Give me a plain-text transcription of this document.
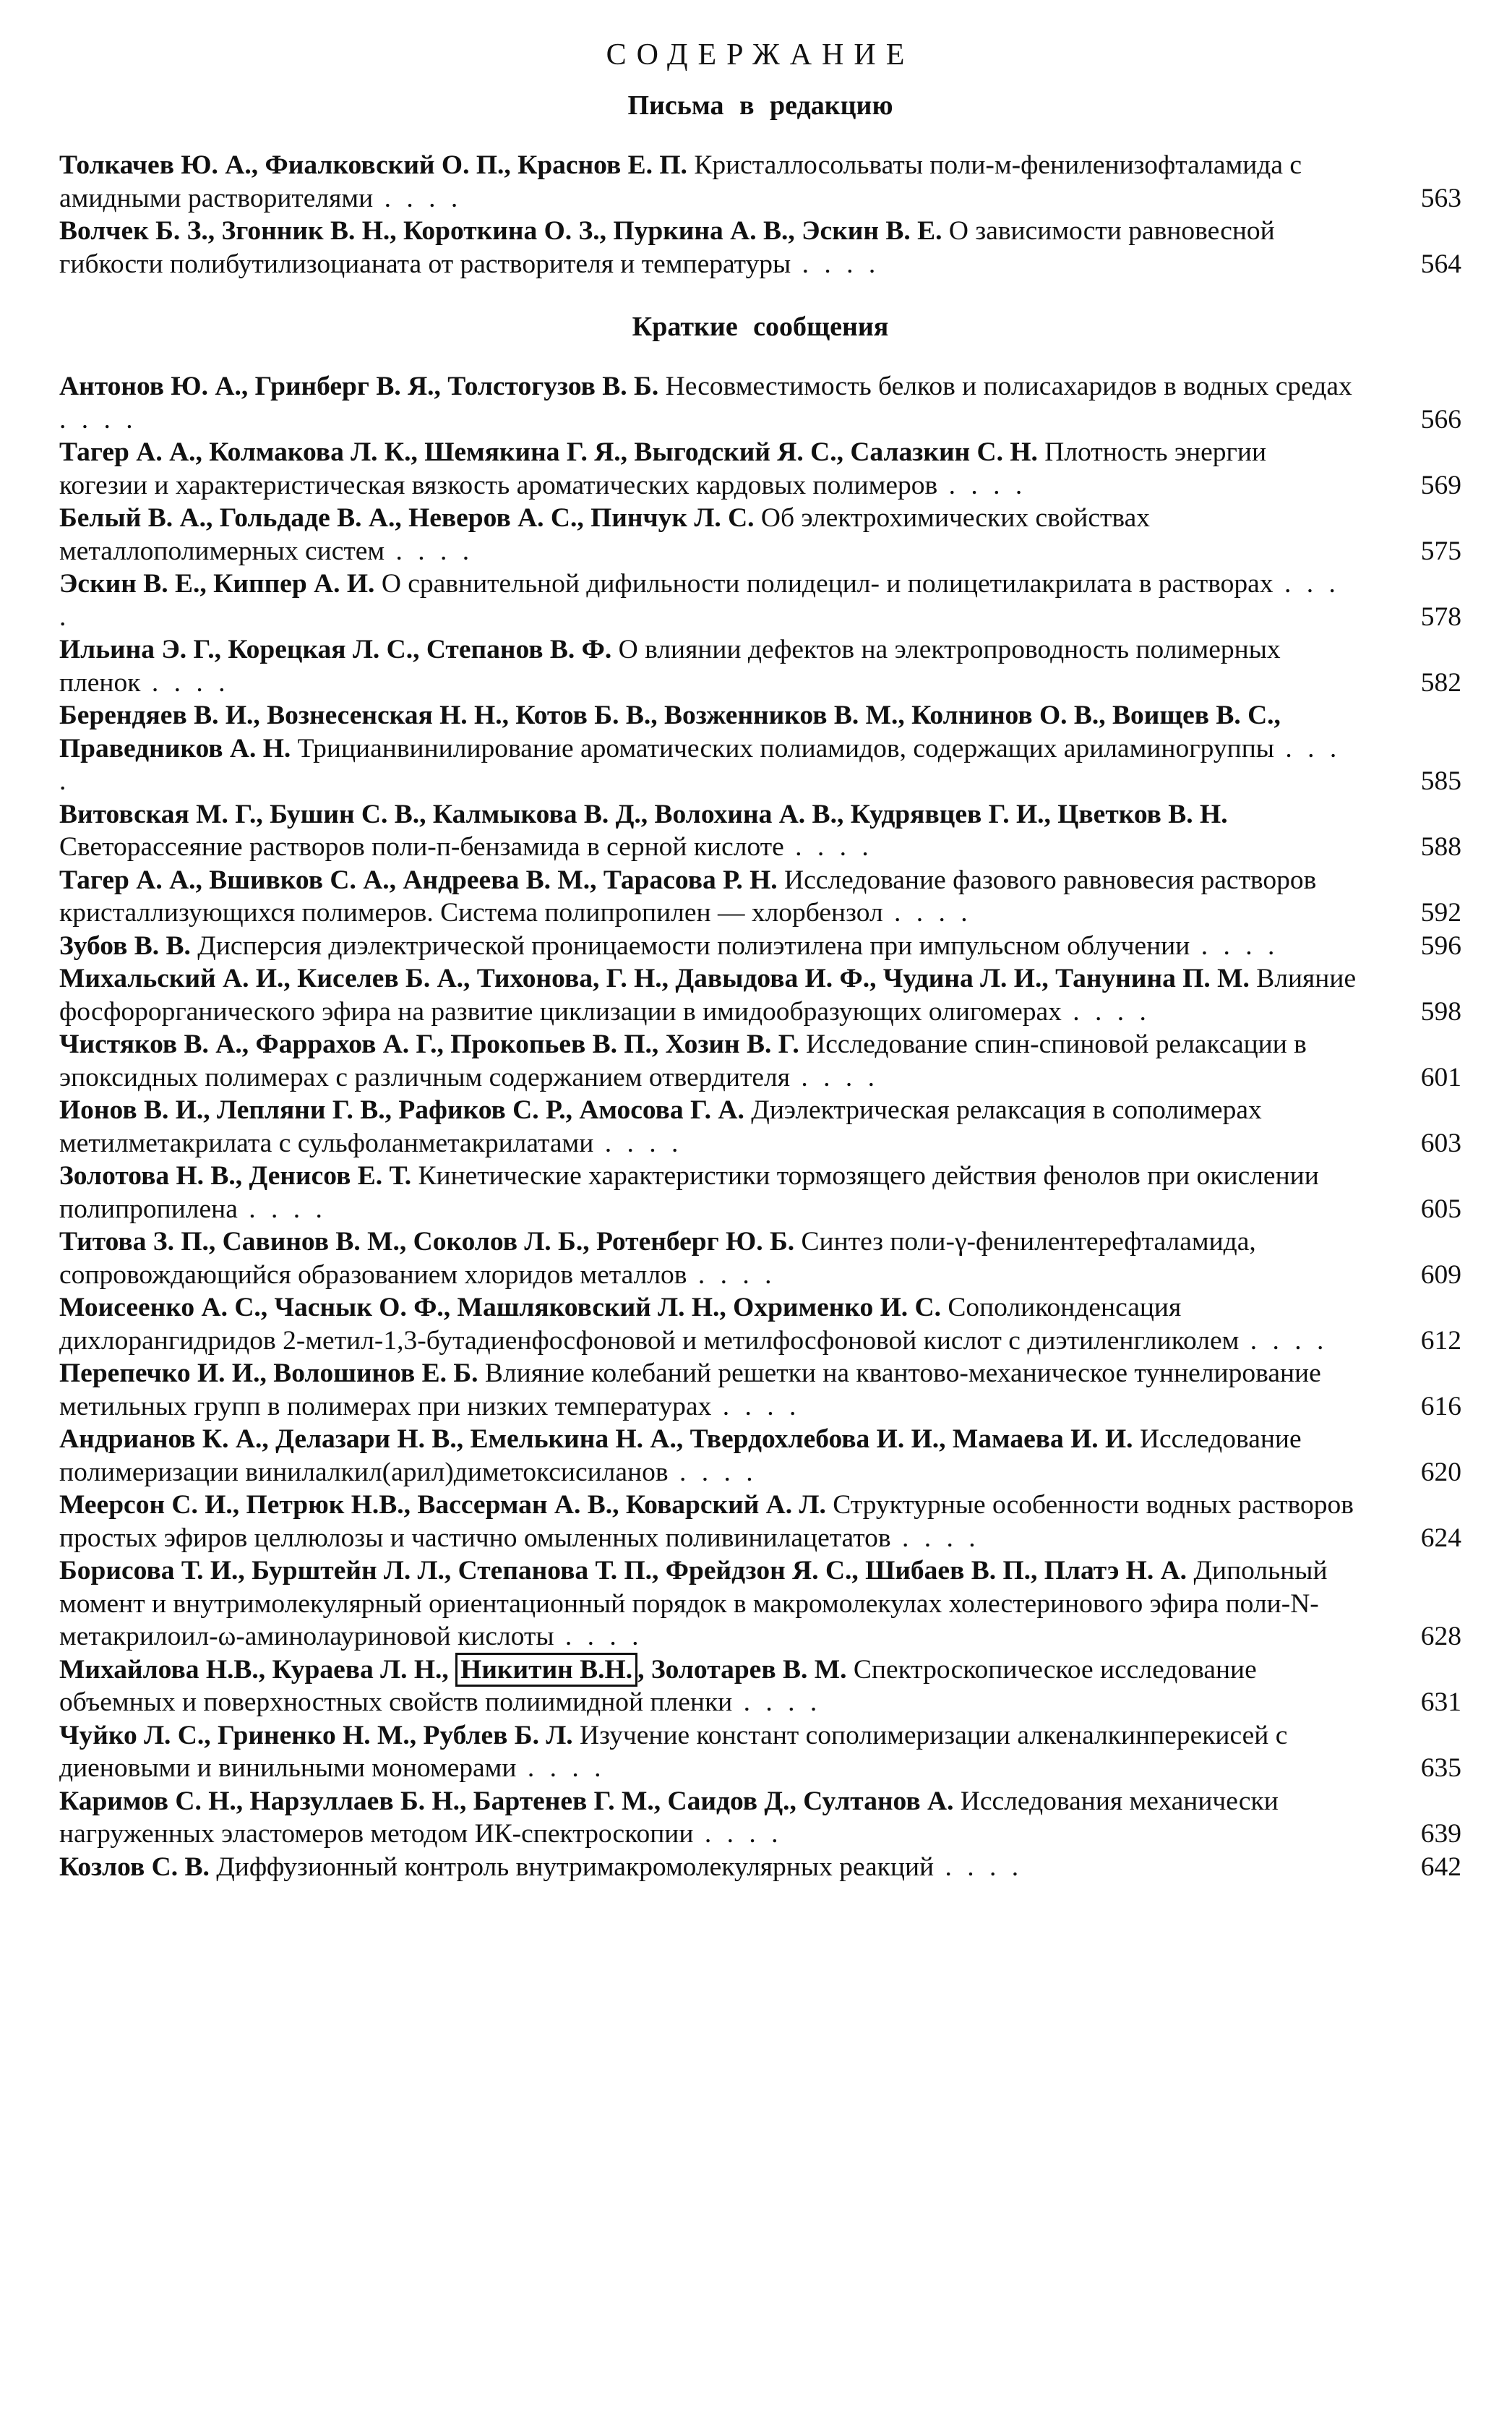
СОДЕРЖАНИЕ
Письма в редакцию
Толкачев Ю. А., Фиалковский О. П., Краснов Е. П. Кристаллосольваты поли-м-фениленизофталамида с амидными растворителями . . . .	563
Волчек Б. З., Згонник В. Н., Короткина О. З., Пуркина А. В., Эскин В. Е. О зависимости равновесной гибкости полибутилизоцианата от растворителя и температуры . . . .	564
Краткие сообщения
Антонов Ю. А., Гринберг В. Я., Толстогузов В. Б. Несовместимость белков и полисахаридов в водных средах . . . .	566
Тагер А. А., Колмакова Л. К., Шемякина Г. Я., Выгодский Я. С., Салазкин С. Н. Плотность энергии когезии и характеристическая вязкость ароматических кардовых полимеров . . . .	569
Белый В. А., Гольдаде В. А., Неверов А. С., Пинчук Л. С. Об электрохимических свойствах металлополимерных систем . . . .	575
Эскин В. Е., Киппер А. И. О сравнительной дифильности полидецил- и полицетилакрилата в растворах . . . .	578
Ильина Э. Г., Корецкая Л. С., Степанов В. Ф. О влиянии дефектов на электропроводность полимерных пленок . . . .	582
Берендяев В. И., Вознесенская Н. Н., Котов Б. В., Возженников В. М., Колнинов О. В., Воищев В. С., Праведников А. Н. Трицианвинилирование ароматических полиамидов, содержащих ариламиногруппы . . . .	585
Витовская М. Г., Бушин С. В., Калмыкова В. Д., Волохина А. В., Кудрявцев Г. И., Цветков В. Н. Светорассеяние растворов поли-п-бензамида в серной кислоте . . . .	588
Тагер А. А., Вшивков С. А., Андреева В. М., Тарасова Р. Н. Исследование фазового равновесия растворов кристаллизующихся полимеров. Система полипропилен — хлорбензол . . . .	592
Зубов В. В. Дисперсия диэлектрической проницаемости полиэтилена при импульсном облучении . . . .	596
Михальский А. И., Киселев Б. А., Тихонова, Г. Н., Давыдова И. Ф., Чудина Л. И., Танунина П. М. Влияние фосфорорганического эфира на развитие циклизации в имидообразующих олигомерах . . . .	598
Чистяков В. А., Фаррахов А. Г., Прокопьев В. П., Хозин В. Г. Исследование спин-спиновой релаксации в эпоксидных полимерах с различным содержанием отвердителя . . . .	601
Ионов В. И., Лепляни Г. В., Рафиков С. Р., Амосова Г. А. Диэлектрическая релаксация в сополимерах метилметакрилата с сульфоланметакрилатами . . . .	603
Золотова Н. В., Денисов Е. Т. Кинетические характеристики тормозящего действия фенолов при окислении полипропилена . . . .	605
Титова З. П., Савинов В. М., Соколов Л. Б., Ротенберг Ю. Б. Синтез поли-γ-фенилентерефталамида, сопровождающийся образованием хлоридов металлов . . . .	609
Моисеенко А. С., Часнык О. Ф., Машляковский Л. Н., Охрименко И. С. Сополиконденсация дихлорангидридов 2-метил-1,3-бутадиенфосфоновой и метилфосфоновой кислот с диэтиленгликолем . . . .	612
Перепечко И. И., Волошинов Е. Б. Влияние колебаний решетки на квантово-механическое туннелирование метильных групп в полимерах при низких температурах . . . .	616
Андрианов К. А., Делазари Н. В., Емелькина Н. А., Твердохлебова И. И., Мамаева И. И. Исследование полимеризации винилалкил(арил)диметоксисиланов . . . .	620
Меерсон С. И., Петрюк Н.В., Вассерман А. В., Коварский А. Л. Структурные особенности водных растворов простых эфиров целлюлозы и частично омыленных поливинилацетатов . . . .	624
Борисова Т. И., Бурштейн Л. Л., Степанова Т. П., Фрейдзон Я. С., Шибаев В. П., Платэ Н. А. Дипольный момент и внутримолекулярный ориентационный порядок в макромолекулах холестеринового эфира поли-N-метакрилоил-ω-аминолауриновой кислоты . . . .	628
Михайлова Н.В., Кураева Л. Н., Никитин В.Н. , Золотарев В. М. Спектроскопическое исследование объемных и поверхностных свойств полиимидной пленки . . . .	631
Чуйко Л. С., Гриненко Н. М., Рублев Б. Л. Изучение констант сополимеризации алкеналкинперекисей с диеновыми и винильными мономерами . . . .	635
Каримов С. Н., Нарзуллаев Б. Н., Бартенев Г. М., Саидов Д., Султанов А. Исследования механически нагруженных эластомеров методом ИК-спектроскопии . . . .	639
Козлов С. В. Диффузионный контроль внутримакромолекулярных реакций . . . .	642
